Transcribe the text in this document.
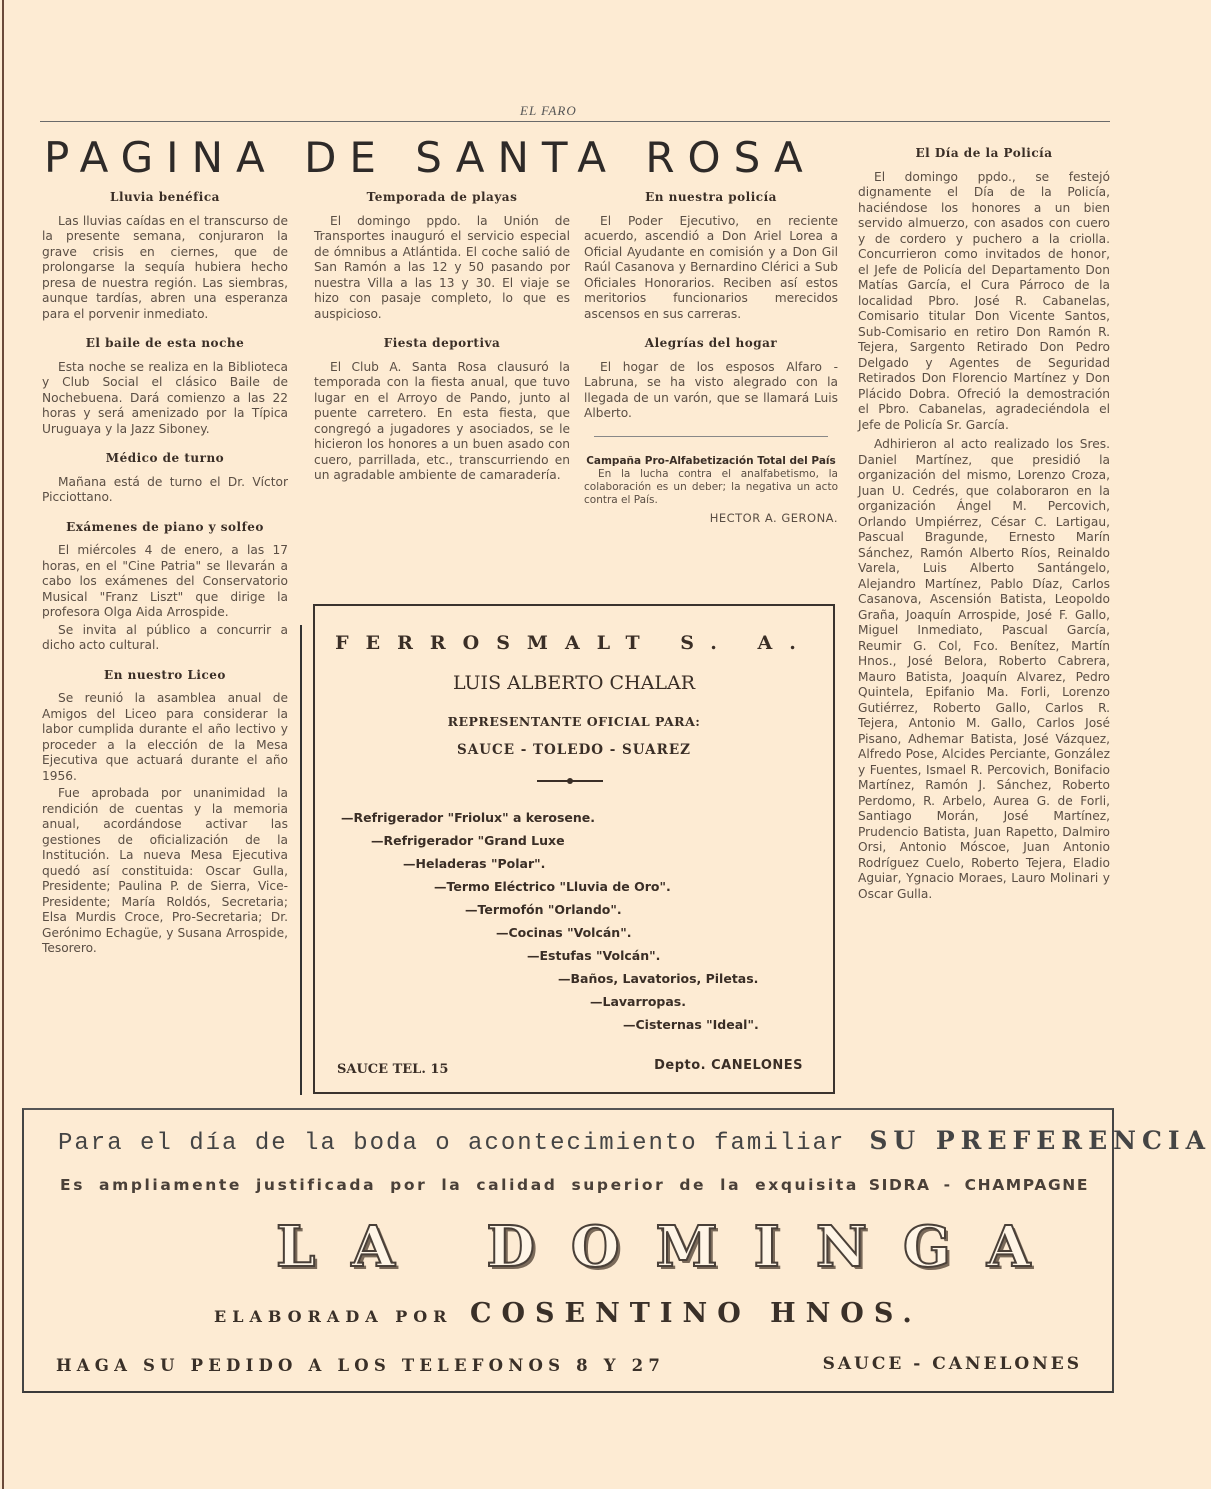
EL FARO
PAGINA DE SANTA ROSA
Lluvia benéfica

Las lluvias caídas en el transcurso de la presente semana, conjuraron la grave crisis en ciernes, que de prolongarse la sequía hubiera hecho presa de nuestra región. Las siembras, aunque tardías, abren una esperanza para el porvenir inmediato.

El baile de esta noche

Esta noche se realiza en la Biblioteca y Club Social el clásico Baile de Nochebuena. Dará comienzo a las 22 horas y será amenizado por la Típica Uruguaya y la Jazz Siboney.

Médico de turno

Mañana está de turno el Dr. Víctor Picciottano.

Exámenes de piano y solfeo

El miércoles 4 de enero, a las 17 horas, en el "Cine Patria" se llevarán a cabo los exámenes del Conservatorio Musical "Franz Liszt" que dirige la profesora Olga Aida Arrospide.

Se invita al público a concurrir a dicho acto cultural.

En nuestro Liceo

Se reunió la asamblea anual de Amigos del Liceo para considerar la labor cumplida durante el año lectivo y proceder a la elección de la Mesa Ejecutiva que actuará durante el año 1956.

Fue aprobada por unanimidad la rendición de cuentas y la memoria anual, acordándose activar las gestiones de oficialización de la Institución. La nueva Mesa Ejecutiva quedó así constituida: Oscar Gulla, Presidente; Paulina P. de Sierra, Vice-Presidente; María Roldós, Secretaria; Elsa Murdis Croce, Pro-Secretaria; Dr. Gerónimo Echagüe, y Susana Arrospide, Tesorero.

Temporada de playas

El domingo ppdo. la Unión de Transportes inauguró el servicio especial de ómnibus a Atlántida. El coche salió de San Ramón a las 12 y 50 pasando por nuestra Villa a las 13 y 30. El viaje se hizo con pasaje completo, lo que es auspicioso.

Fiesta deportiva

El Club A. Santa Rosa clausuró la temporada con la fiesta anual, que tuvo lugar en el Arroyo de Pando, junto al puente carretero. En esta fiesta, que congregó a jugadores y asociados, se le hicieron los honores a un buen asado con cuero, parrillada, etc., transcurriendo en un agradable ambiente de camaradería.

En nuestra policía

El Poder Ejecutivo, en reciente acuerdo, ascendió a Don Ariel Lorea a Oficial Ayudante en comisión y a Don Gil Raúl Casanova y Bernardino Clérici a Sub Oficiales Honorarios. Reciben así estos meritorios funcionarios merecidos ascensos en sus carreras.

Alegrías del hogar

El hogar de los esposos Alfaro - Labruna, se ha visto alegrado con la llegada de un varón, que se llamará Luis Alberto.

Campaña Pro-Alfabetización Total del País
En la lucha contra el analfabetismo, la colaboración es un deber; la negativa un acto contra el País.
HECTOR A. GERONA.
El Día de la Policía

El domingo ppdo., se festejó dignamente el Día de la Policía, haciéndose los honores a un bien servido almuerzo, con asados con cuero y de cordero y puchero a la criolla. Concurrieron como invitados de honor, el Jefe de Policía del Departamento Don Matías García, el Cura Párroco de la localidad Pbro. José R. Cabanelas, Comisario titular Don Vicente Santos, Sub-Comisario en retiro Don Ramón R. Tejera, Sargento Retirado Don Pedro Delgado y Agentes de Seguridad Retirados Don Florencio Martínez y Don Plácido Dobra. Ofreció la demostración el Pbro. Cabanelas, agradeciéndola el Jefe de Policía Sr. García.

Adhirieron al acto realizado los Sres. Daniel Martínez, que presidió la organización del mismo, Lorenzo Croza, Juan U. Cedrés, que colaboraron en la organización Ángel M. Percovich, Orlando Umpiérrez, César C. Lartigau, Pascual Bragunde, Ernesto Marín Sánchez, Ramón Alberto Ríos, Reinaldo Varela, Luis Alberto Santángelo, Alejandro Martínez, Pablo Díaz, Carlos Casanova, Ascensión Batista, Leopoldo Graña, Joaquín Arrospide, José F. Gallo, Miguel Inmediato, Pascual García, Reumir G. Col, Fco. Benítez, Martín Hnos., José Belora, Roberto Cabrera, Mauro Batista, Joaquín Alvarez, Pedro Quintela, Epifanio Ma. Forli, Lorenzo Gutiérrez, Roberto Gallo, Carlos R. Tejera, Antonio M. Gallo, Carlos José Pisano, Adhemar Batista, José Vázquez, Alfredo Pose, Alcides Perciante, González y Fuentes, Ismael R. Percovich, Bonifacio Martínez, Ramón J. Sánchez, Roberto Perdomo, R. Arbelo, Aurea G. de Forli, Santiago Morán, José Martínez, Prudencio Batista, Juan Rapetto, Dalmiro Orsi, Antonio Móscoe, Juan Antonio Rodríguez Cuelo, Roberto Tejera, Eladio Aguiar, Ygnacio Moraes, Lauro Molinari y Oscar Gulla.

FERROSMALT S. A.
LUIS ALBERTO CHALAR
REPRESENTANTE OFICIAL PARA:
SAUCE - TOLEDO - SUAREZ
—Refrigerador "Friolux" a kerosene.
—Refrigerador "Grand Luxe
—Heladeras "Polar".
—Termo Eléctrico "Lluvia de Oro".
—Termofón "Orlando".
—Cocinas "Volcán".
—Estufas "Volcán".
—Baños, Lavatorios, Piletas.
—Lavarropas.
—Cisternas "Ideal".
SAUCE TEL. 15	Depto. CANELONES
Para el día de la boda o acontecimiento familiar SU PREFERENCIA
Es ampliamente justificada por la calidad superior de la exquisita SIDRA - CHAMPAGNE
LA DOMINGA
ELABORADA POR COSENTINO HNOS.
HAGA SU PEDIDO A LOS TELEFONOS 8 Y 27	SAUCE - CANELONES
